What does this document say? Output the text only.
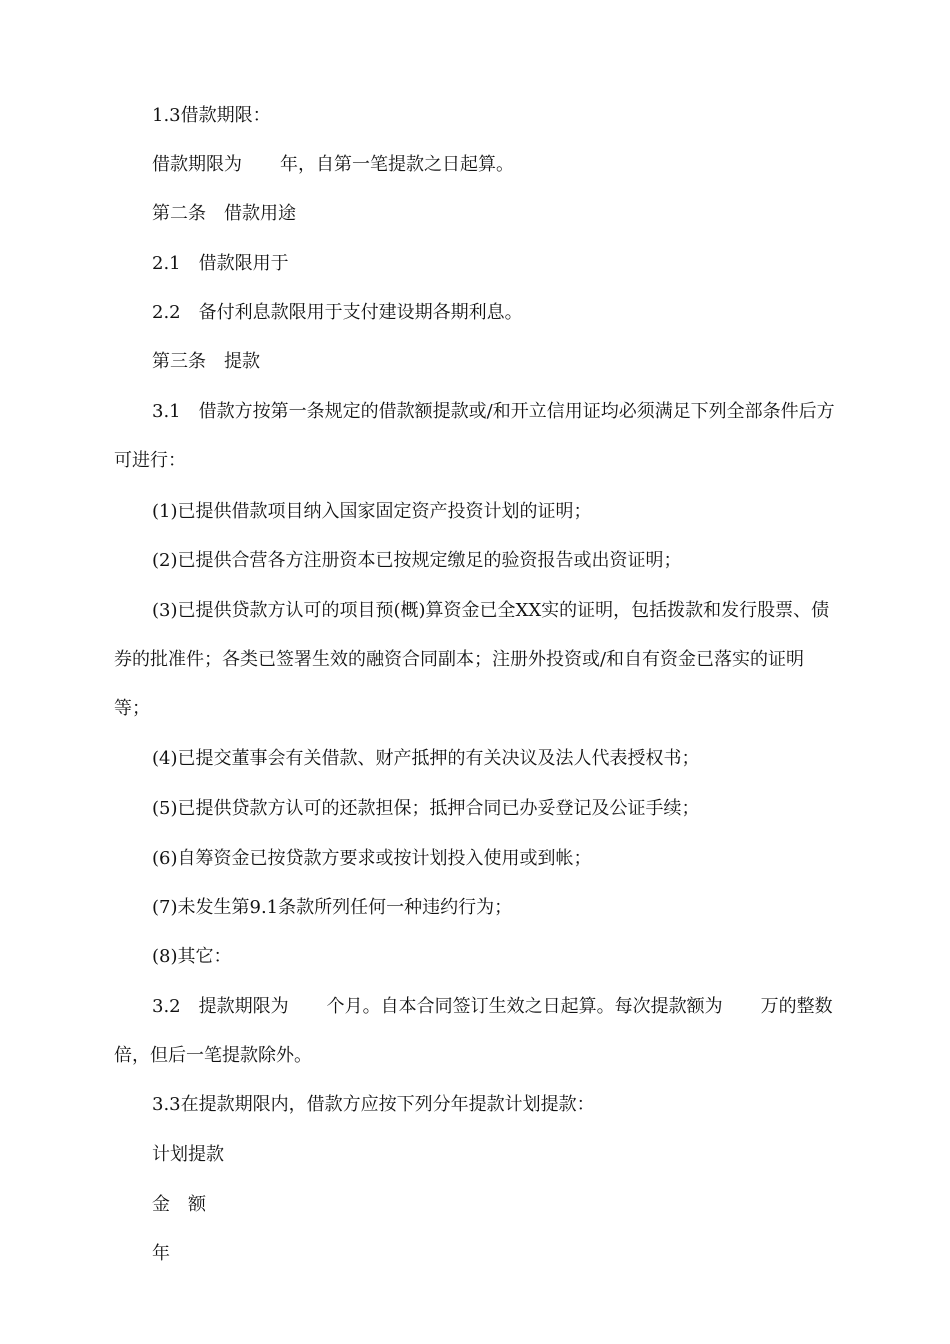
1.3借款期限：

借款期限为 年，自第一笔提款之日起算。

第二条　借款用途

2.1　借款限用于

2.2　备付利息款限用于支付建设期各期利息。

第三条　提款

3.1　借款方按第一条规定的借款额提款或/和开立信用证均必须满足下列全部条件后方可进行：

(1)已提供借款项目纳入国家固定资产投资计划的证明；

(2)已提供合营各方注册资本已按规定缴足的验资报告或出资证明；

(3)已提供贷款方认可的项目预(概)算资金已全XX实的证明，包括拨款和发行股票、债券的批准件；各类已签署生效的融资合同副本；注册外投资或/和自有资金已落实的证明等；

(4)已提交董事会有关借款、财产抵押的有关决议及法人代表授权书；

(5)已提供贷款方认可的还款担保；抵押合同已办妥登记及公证手续；

(6)自筹资金已按贷款方要求或按计划投入使用或到帐；

(7)未发生第9.1条款所列任何一种违约行为；

(8)其它：

3.2　提款期限为 个月。自本合同签订生效之日起算。每次提款额为 万的整数倍，但后一笔提款除外。

3.3在提款期限内，借款方应按下列分年提款计划提款：

计划提款

金　额

年
